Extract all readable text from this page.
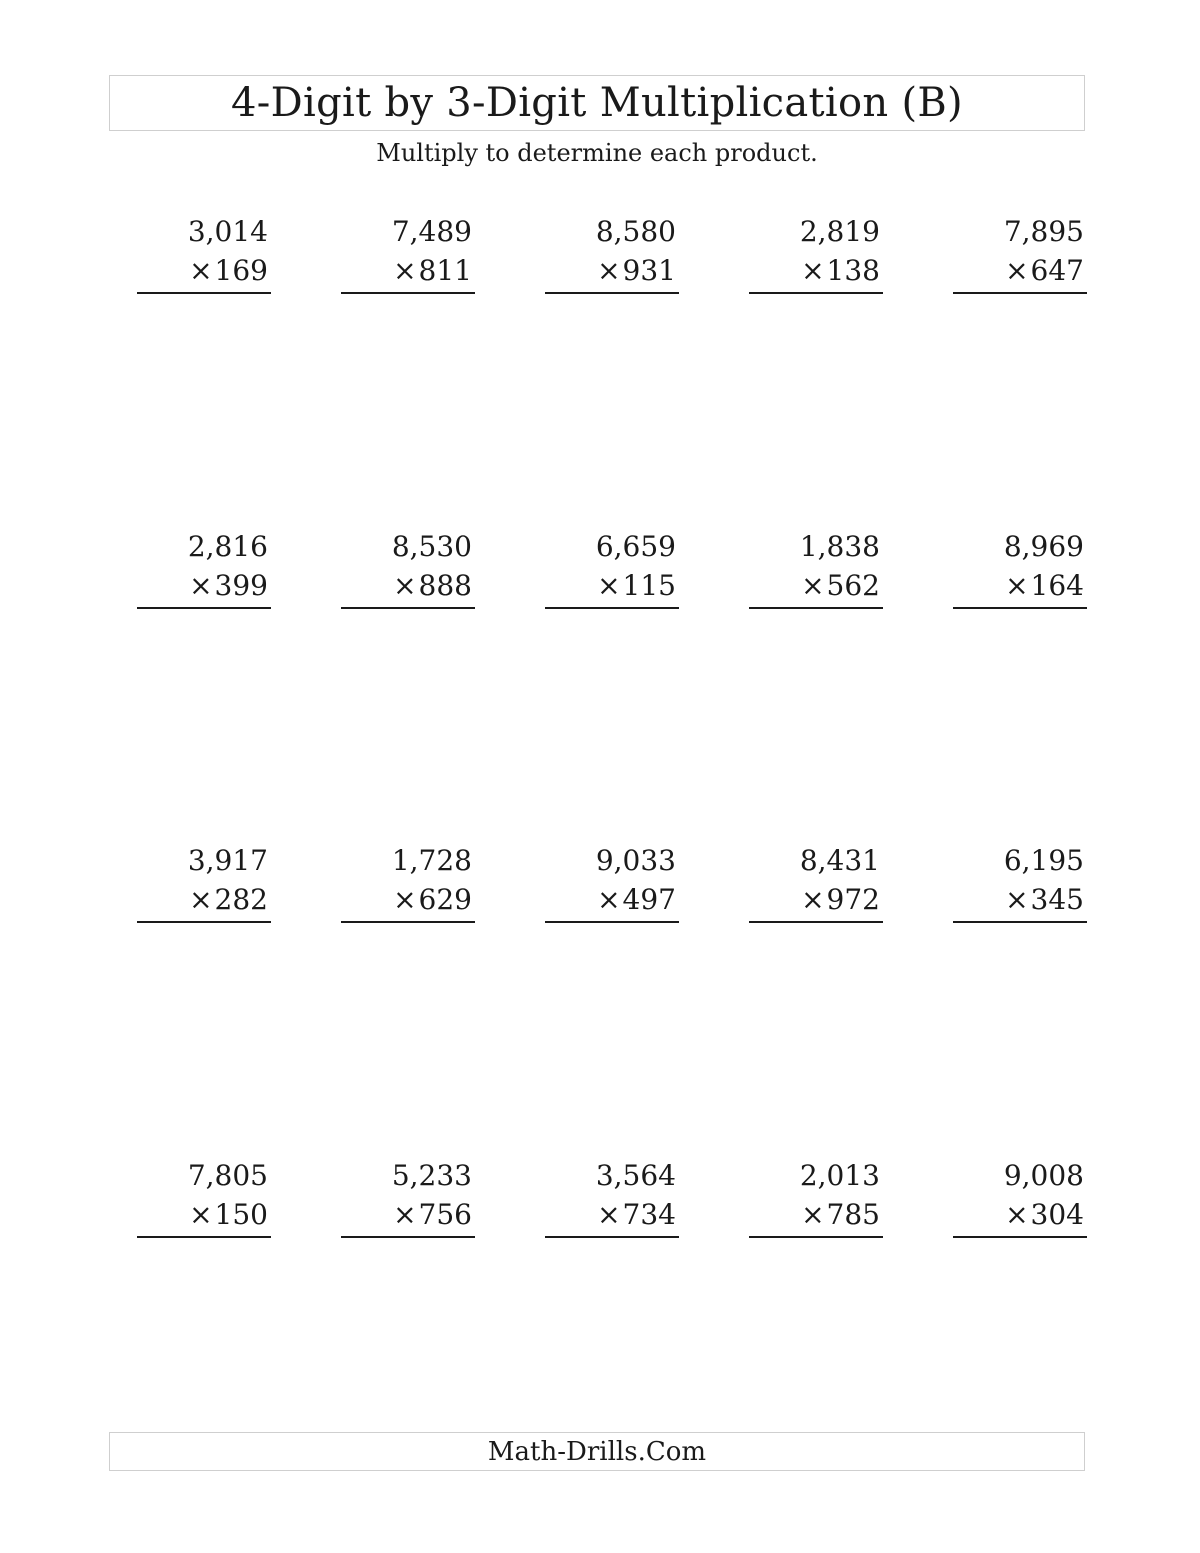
4-Digit by 3-Digit Multiplication (B)
Multiply to determine each product.
3,014
×169
7,489
×811
8,580
×931
2,819
×138
7,895
×647
2,816
×399
8,530
×888
6,659
×115
1,838
×562
8,969
×164
3,917
×282
1,728
×629
9,033
×497
8,431
×972
6,195
×345
7,805
×150
5,233
×756
3,564
×734
2,013
×785
9,008
×304
Math-Drills.Com
